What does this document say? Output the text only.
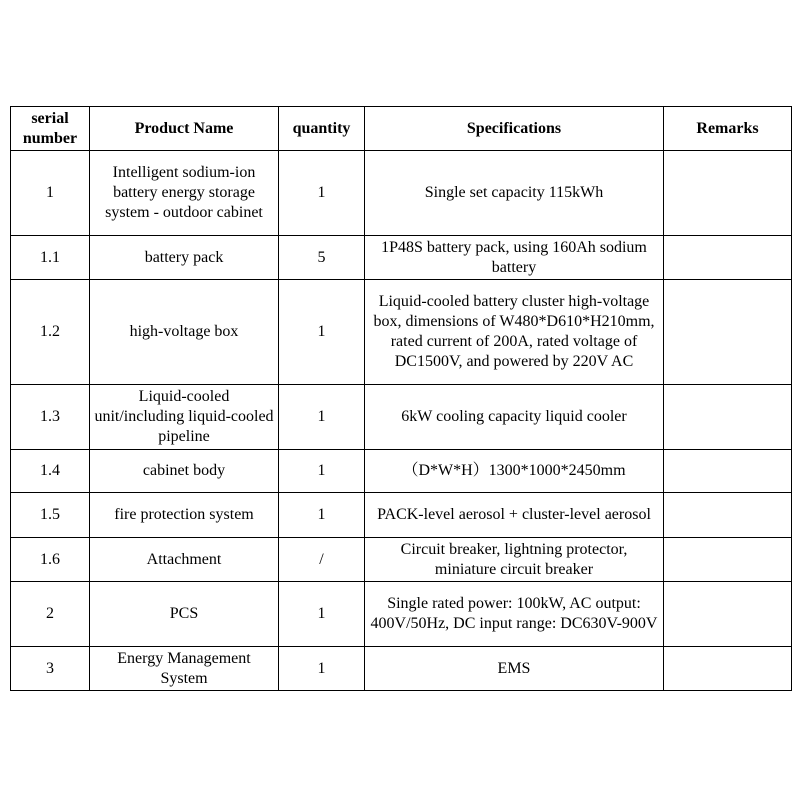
serial number	Product Name	quantity	Specifications	Remarks
1	Intelligent sodium-ion battery energy storage system - outdoor cabinet	1	Single set capacity 115kWh	
1.1	battery pack	5	1P48S battery pack, using 160Ah sodium battery	
1.2	high-voltage box	1	Liquid-cooled battery cluster high-voltage box, dimensions of W480*D610*H210mm, rated current of 200A, rated voltage of DC1500V, and powered by 220V AC	
1.3	Liquid-cooled unit/including liquid-cooled pipeline	1	6kW cooling capacity liquid cooler	
1.4	cabinet body	1	（D*W*H）1300*1000*2450mm	
1.5	fire protection system	1	PACK-level aerosol + cluster-level aerosol	
1.6	Attachment	/	Circuit breaker, lightning protector, miniature circuit breaker	
2	PCS	1	Single rated power: 100kW, AC output: 400V/50Hz, DC input range: DC630V-900V	
3	Energy Management System	1	EMS	
